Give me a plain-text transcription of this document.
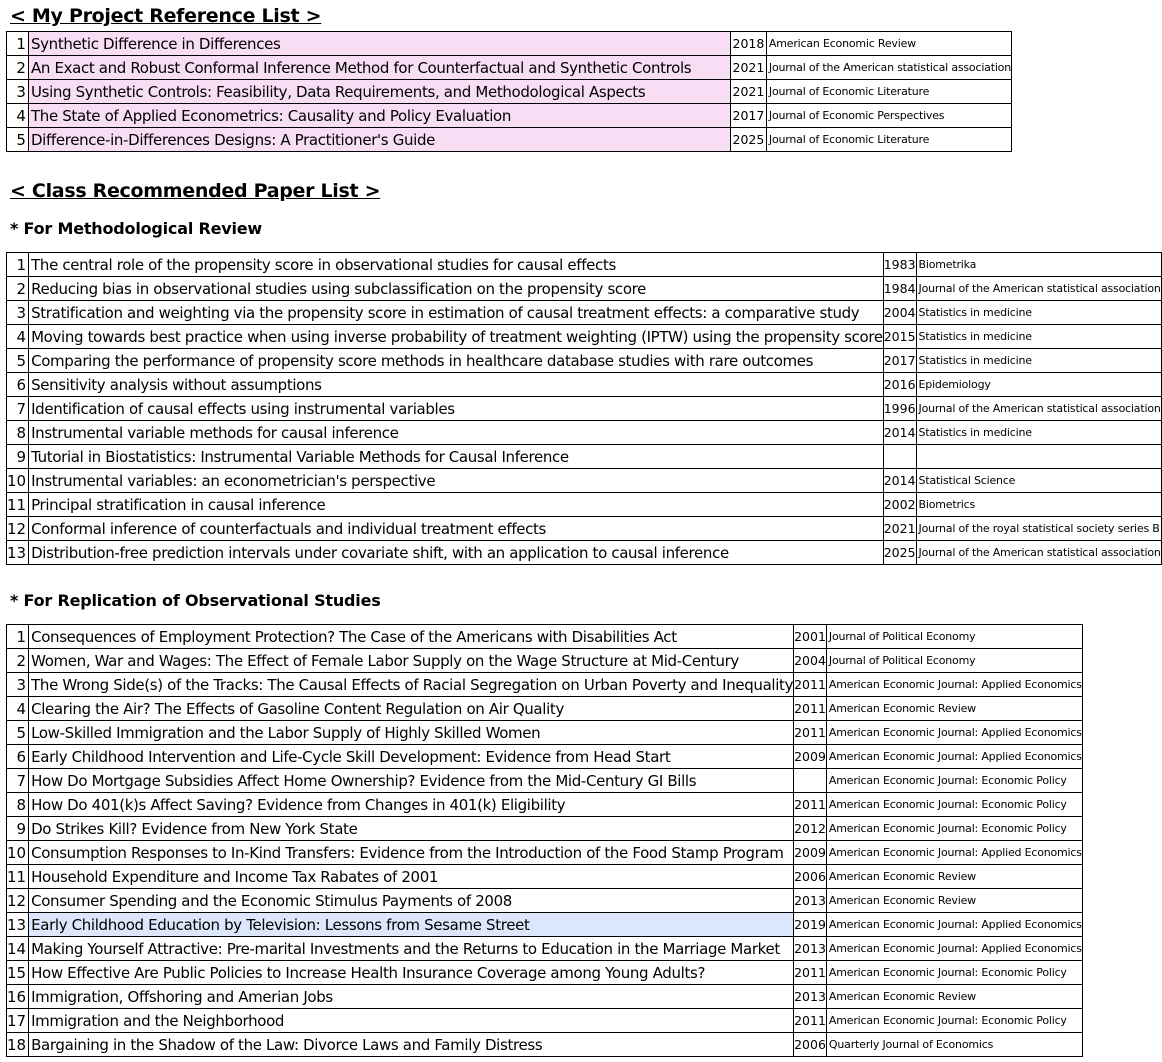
< My Project Reference List >
1	Synthetic Difference in Differences	2018	American Economic Review
2	An Exact and Robust Conformal Inference Method for Counterfactual and Synthetic Controls	2021	Journal of the American statistical association
3	Using Synthetic Controls: Feasibility, Data Requirements, and Methodological Aspects	2021	Journal of Economic Literature
4	The State of Applied Econometrics: Causality and Policy Evaluation	2017	Journal of Economic Perspectives
5	Difference-in-Differences Designs: A Practitioner's Guide	2025	Journal of Economic Literature
< Class Recommended Paper List >
* For Methodological Review
1	The central role of the propensity score in observational studies for causal effects	1983	Biometrika
2	Reducing bias in observational studies using subclassification on the propensity score	1984	Journal of the American statistical association
3	Stratification and weighting via the propensity score in estimation of causal treatment effects: a comparative study	2004	Statistics in medicine
4	Moving towards best practice when using inverse probability of treatment weighting (IPTW) using the propensity score	2015	Statistics in medicine
5	Comparing the performance of propensity score methods in healthcare database studies with rare outcomes	2017	Statistics in medicine
6	Sensitivity analysis without assumptions	2016	Epidemiology
7	Identification of causal effects using instrumental variables	1996	Journal of the American statistical association
8	Instrumental variable methods for causal inference	2014	Statistics in medicine
9	Tutorial in Biostatistics: Instrumental Variable Methods for Causal Inference		
10	Instrumental variables: an econometrician's perspective	2014	Statistical Science
11	Principal stratification in causal inference	2002	Biometrics
12	Conformal inference of counterfactuals and individual treatment effects	2021	Journal of the royal statistical society series B
13	Distribution-free prediction intervals under covariate shift, with an application to causal inference	2025	Journal of the American statistical association
* For Replication of Observational Studies
1	Consequences of Employment Protection? The Case of the Americans with Disabilities Act	2001	Journal of Political Economy
2	Women, War and Wages: The Effect of Female Labor Supply on the Wage Structure at Mid-Century	2004	Journal of Political Economy
3	The Wrong Side(s) of the Tracks: The Causal Effects of Racial Segregation on Urban Poverty and Inequality	2011	American Economic Journal: Applied Economics
4	Clearing the Air? The Effects of Gasoline Content Regulation on Air Quality	2011	American Economic Review
5	Low-Skilled Immigration and the Labor Supply of Highly Skilled Women	2011	American Economic Journal: Applied Economics
6	Early Childhood Intervention and Life-Cycle Skill Development: Evidence from Head Start	2009	American Economic Journal: Applied Economics
7	How Do Mortgage Subsidies Affect Home Ownership? Evidence from the Mid-Century GI Bills		American Economic Journal: Economic Policy
8	How Do 401(k)s Affect Saving? Evidence from Changes in 401(k) Eligibility	2011	American Economic Journal: Economic Policy
9	Do Strikes Kill? Evidence from New York State	2012	American Economic Journal: Economic Policy
10	Consumption Responses to In-Kind Transfers: Evidence from the Introduction of the Food Stamp Program	2009	American Economic Journal: Applied Economics
11	Household Expenditure and Income Tax Rabates of 2001	2006	American Economic Review
12	Consumer Spending and the Economic Stimulus Payments of 2008	2013	American Economic Review
13	Early Childhood Education by Television: Lessons from Sesame Street	2019	American Economic Journal: Applied Economics
14	Making Yourself Attractive: Pre-marital Investments and the Returns to Education in the Marriage Market	2013	American Economic Journal: Applied Economics
15	How Effective Are Public Policies to Increase Health Insurance Coverage among Young Adults?	2011	American Economic Journal: Economic Policy
16	Immigration, Offshoring and Amerian Jobs	2013	American Economic Review
17	Immigration and the Neighborhood	2011	American Economic Journal: Economic Policy
18	Bargaining in the Shadow of the Law: Divorce Laws and Family Distress	2006	Quarterly Journal of Economics
